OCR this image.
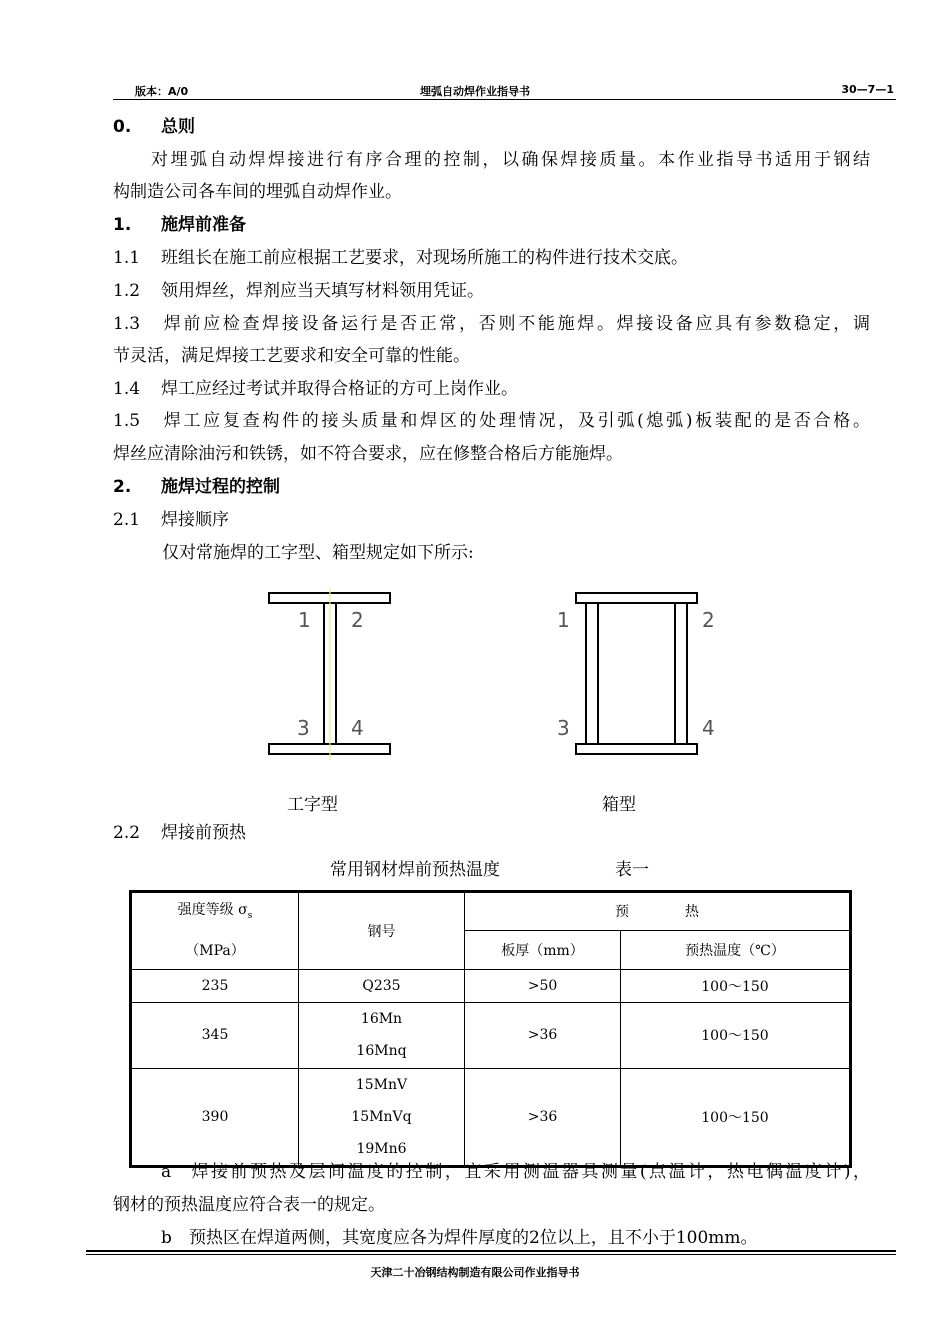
版本：A/0	埋弧自动焊作业指导书	30—7—1
0. 总则
对埋弧自动焊焊接进行有序合理的控制，以确保焊接质量。本作业指导书适用于钢结
构制造公司各车间的埋弧自动焊作业。
1. 施焊前准备
1.1 班组长在施工前应根据工艺要求，对现场所施工的构件进行技术交底。
1.2 领用焊丝，焊剂应当天填写材料领用凭证。
1.3 焊前应检查焊接设备运行是否正常，否则不能施焊。焊接设备应具有参数稳定，调
节灵活，满足焊接工艺要求和安全可靠的性能。
1.4 焊工应经过考试并取得合格证的方可上岗作业。
1.5 焊工应复查构件的接头质量和焊区的处理情况，及引弧(熄弧)板装配的是否合格。
焊丝应清除油污和铁锈，如不符合要求，应在修整合格后方能施焊。
2. 施焊过程的控制
2.1 焊接顺序
仅对常施焊的工字型、箱型规定如下所示:
1 2
3 4
1	2
3	4
工字型	箱型
2.2 焊接前预热
常用钢材焊前预热温度	表一
强度等级 $\sigma_s$
（MPa）	钢号	预　　　　热	
		板厚（mm）	预热温度（℃）
235	Q235	>50	100～150
345	16Mn
16Mnq	>36	100～150
390	15MnV
15MnVq
19Mn6	>36	100～150
a 焊接前预热及层间温度的控制，宜采用测温器具测量(点温计，热电偶温度计)，
钢材的预热温度应符合表一的规定。
b 预热区在焊道两侧，其宽度应各为焊件厚度的2位以上，且不小于100mm。
天津二十冶钢结构制造有限公司作业指导书
